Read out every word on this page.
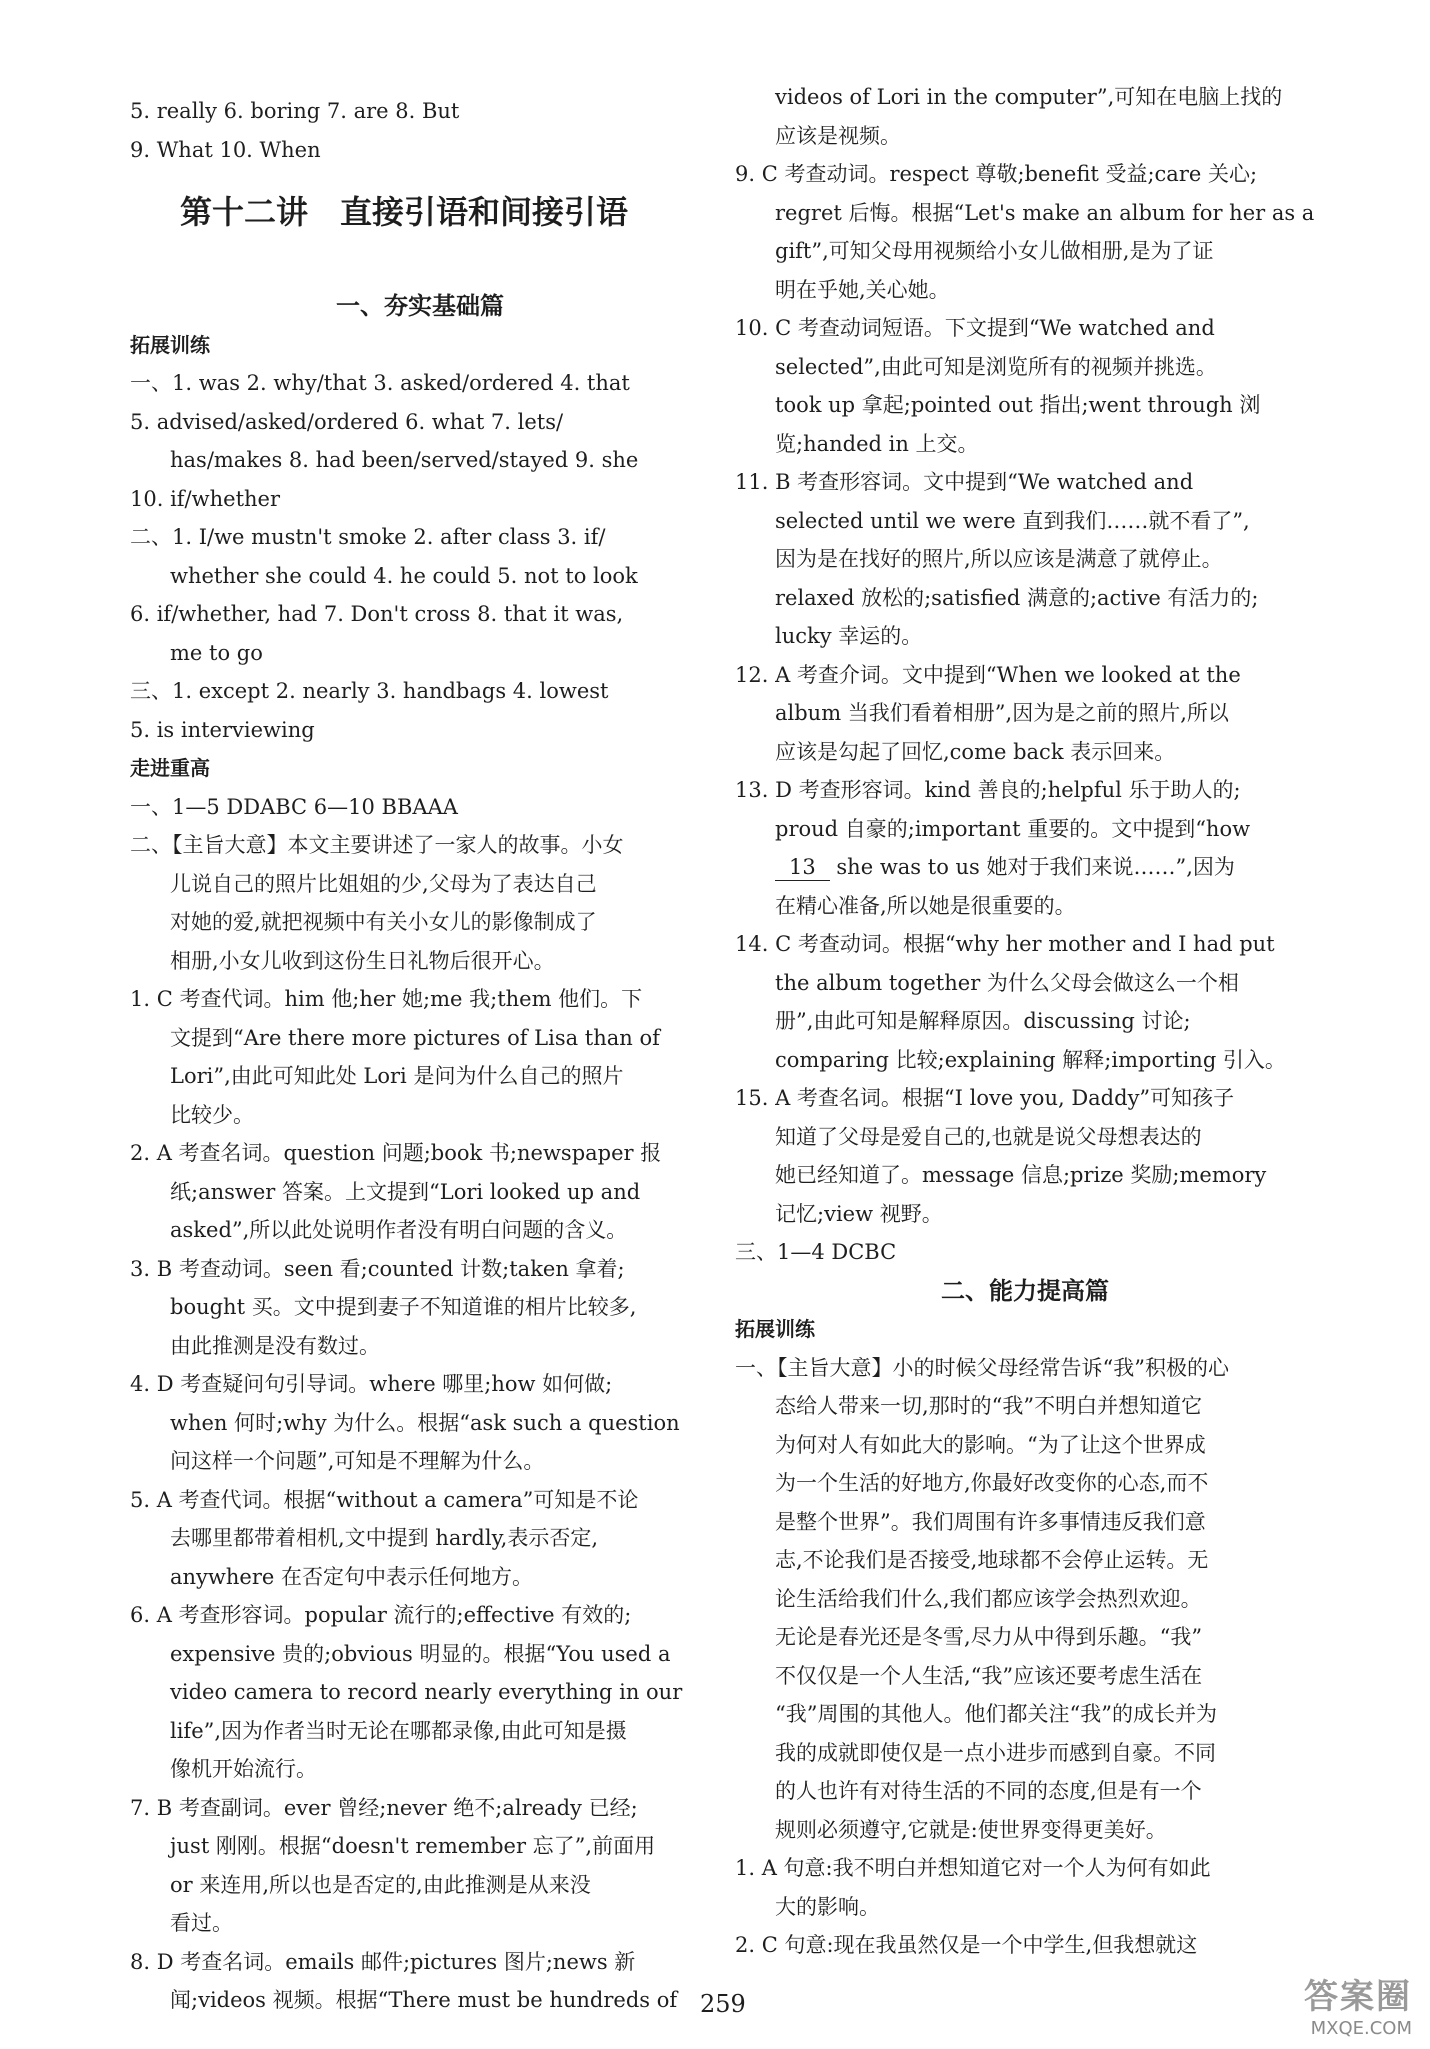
5. really 6. boring 7. are 8. But
9. What 10. When
一、夯实基础篇
拓展训练
一、1. was 2. why/that 3. asked/ordered 4. that
5. advised/asked/ordered 6. what 7. lets/
has/makes 8. had been/served/stayed 9. she
10. if/whether
二、1. I/we mustn't smoke 2. after class 3. if/
whether she could 4. he could 5. not to look
6. if/whether, had 7. Don't cross 8. that it was,
me to go
三、1. except 2. nearly 3. handbags 4. lowest
5. is interviewing
走进重高
一、1—5 DDABC 6—10 BBAAA
二、【主旨大意】本文主要讲述了一家人的故事。小女
儿说自己的照片比姐姐的少,父母为了表达自己
对她的爱,就把视频中有关小女儿的影像制成了
相册,小女儿收到这份生日礼物后很开心。
1. C 考查代词。him 他;her 她;me 我;them 他们。下
文提到“Are there more pictures of Lisa than of
Lori”,由此可知此处 Lori 是问为什么自己的照片
比较少。
2. A 考查名词。question 问题;book 书;newspaper 报
纸;answer 答案。上文提到“Lori looked up and
asked”,所以此处说明作者没有明白问题的含义。
3. B 考查动词。seen 看;counted 计数;taken 拿着;
bought 买。文中提到妻子不知道谁的相片比较多,
由此推测是没有数过。
4. D 考查疑问句引导词。where 哪里;how 如何做;
when 何时;why 为什么。根据“ask such a question
问这样一个问题”,可知是不理解为什么。
5. A 考查代词。根据“without a camera”可知是不论
去哪里都带着相机,文中提到 hardly,表示否定,
anywhere 在否定句中表示任何地方。
6. A 考查形容词。popular 流行的;effective 有效的;
expensive 贵的;obvious 明显的。根据“You used a
video camera to record nearly everything in our
life”,因为作者当时无论在哪都录像,由此可知是摄
像机开始流行。
7. B 考查副词。ever 曾经;never 绝不;already 已经;
just 刚刚。根据“doesn't remember 忘了”,前面用
or 来连用,所以也是否定的,由此推测是从来没
看过。
8. D 考查名词。emails 邮件;pictures 图片;news 新
闻;videos 视频。根据“There must be hundreds of
第十二讲　直接引语和间接引语
videos of Lori in the computer”,可知在电脑上找的
应该是视频。
9. C 考查动词。respect 尊敬;benefit 受益;care 关心;
regret 后悔。根据“Let's make an album for her as a
gift”,可知父母用视频给小女儿做相册,是为了证
明在乎她,关心她。
10. C 考查动词短语。下文提到“We watched and
selected”,由此可知是浏览所有的视频并挑选。
took up 拿起;pointed out 指出;went through 浏
览;handed in 上交。
11. B 考查形容词。文中提到“We watched and
selected until we were 直到我们……就不看了”,
因为是在找好的照片,所以应该是满意了就停止。
relaxed 放松的;satisfied 满意的;active 有活力的;
lucky 幸运的。
12. A 考查介词。文中提到“When we looked at the
album 当我们看着相册”,因为是之前的照片,所以
应该是勾起了回忆,come back 表示回来。
13. D 考查形容词。kind 善良的;helpful 乐于助人的;
proud 自豪的;important 重要的。文中提到“how
13 she was to us 她对于我们来说……”,因为
在精心准备,所以她是很重要的。
14. C 考查动词。根据“why her mother and I had put
the album together 为什么父母会做这么一个相
册”,由此可知是解释原因。discussing 讨论;
comparing 比较;explaining 解释;importing 引入。
15. A 考查名词。根据“I love you, Daddy”可知孩子
知道了父母是爱自己的,也就是说父母想表达的
她已经知道了。message 信息;prize 奖励;memory
记忆;view 视野。
三、1—4 DCBC
二、能力提高篇
拓展训练
一、【主旨大意】小的时候父母经常告诉“我”积极的心
态给人带来一切,那时的“我”不明白并想知道它
为何对人有如此大的影响。“为了让这个世界成
为一个生活的好地方,你最好改变你的心态,而不
是整个世界”。我们周围有许多事情违反我们意
志,不论我们是否接受,地球都不会停止运转。无
论生活给我们什么,我们都应该学会热烈欢迎。
无论是春光还是冬雪,尽力从中得到乐趣。“我”
不仅仅是一个人生活,“我”应该还要考虑生活在
“我”周围的其他人。他们都关注“我”的成长并为
我的成就即使仅是一点小进步而感到自豪。不同
的人也许有对待生活的不同的态度,但是有一个
规则必须遵守,它就是:使世界变得更美好。
1. A 句意:我不明白并想知道它对一个人为何有如此
大的影响。
2. C 句意:现在我虽然仅是一个中学生,但我想就这
259	答案圈
MXQE.COM
